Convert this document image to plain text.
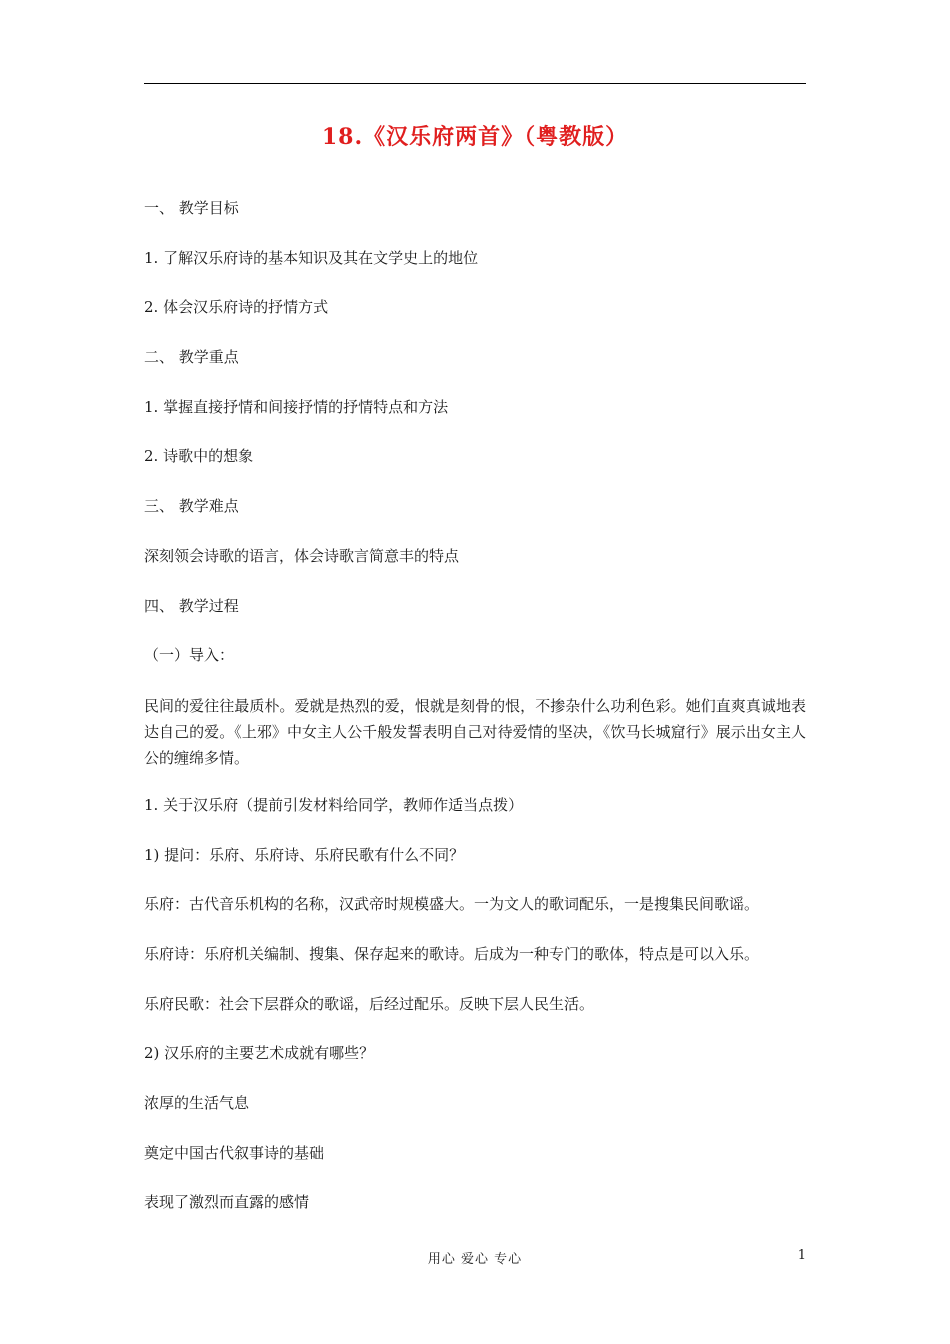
18.《汉乐府两首》（粤教版）
一、 教学目标
1. 了解汉乐府诗的基本知识及其在文学史上的地位
2. 体会汉乐府诗的抒情方式
二、 教学重点
1. 掌握直接抒情和间接抒情的抒情特点和方法
2. 诗歌中的想象
三、 教学难点
深刻领会诗歌的语言，体会诗歌言简意丰的特点
四、 教学过程
（一）导入：
民间的爱往往最质朴。爱就是热烈的爱，恨就是刻骨的恨，不掺杂什么功利色彩。她们直爽真诚地表达自己的爱。《上邪》中女主人公千般发誓表明自己对待爱情的坚决，《饮马长城窟行》展示出女主人公的缠绵多情。
1. 关于汉乐府（提前引发材料给同学，教师作适当点拨）
1) 提问：乐府、乐府诗、乐府民歌有什么不同？
乐府：古代音乐机构的名称，汉武帝时规模盛大。一为文人的歌词配乐，一是搜集民间歌谣。
乐府诗：乐府机关编制、搜集、保存起来的歌诗。后成为一种专门的歌体，特点是可以入乐。
乐府民歌：社会下层群众的歌谣，后经过配乐。反映下层人民生活。
2) 汉乐府的主要艺术成就有哪些？
浓厚的生活气息
奠定中国古代叙事诗的基础
表现了激烈而直露的感情
用心 爱心 专心	1
